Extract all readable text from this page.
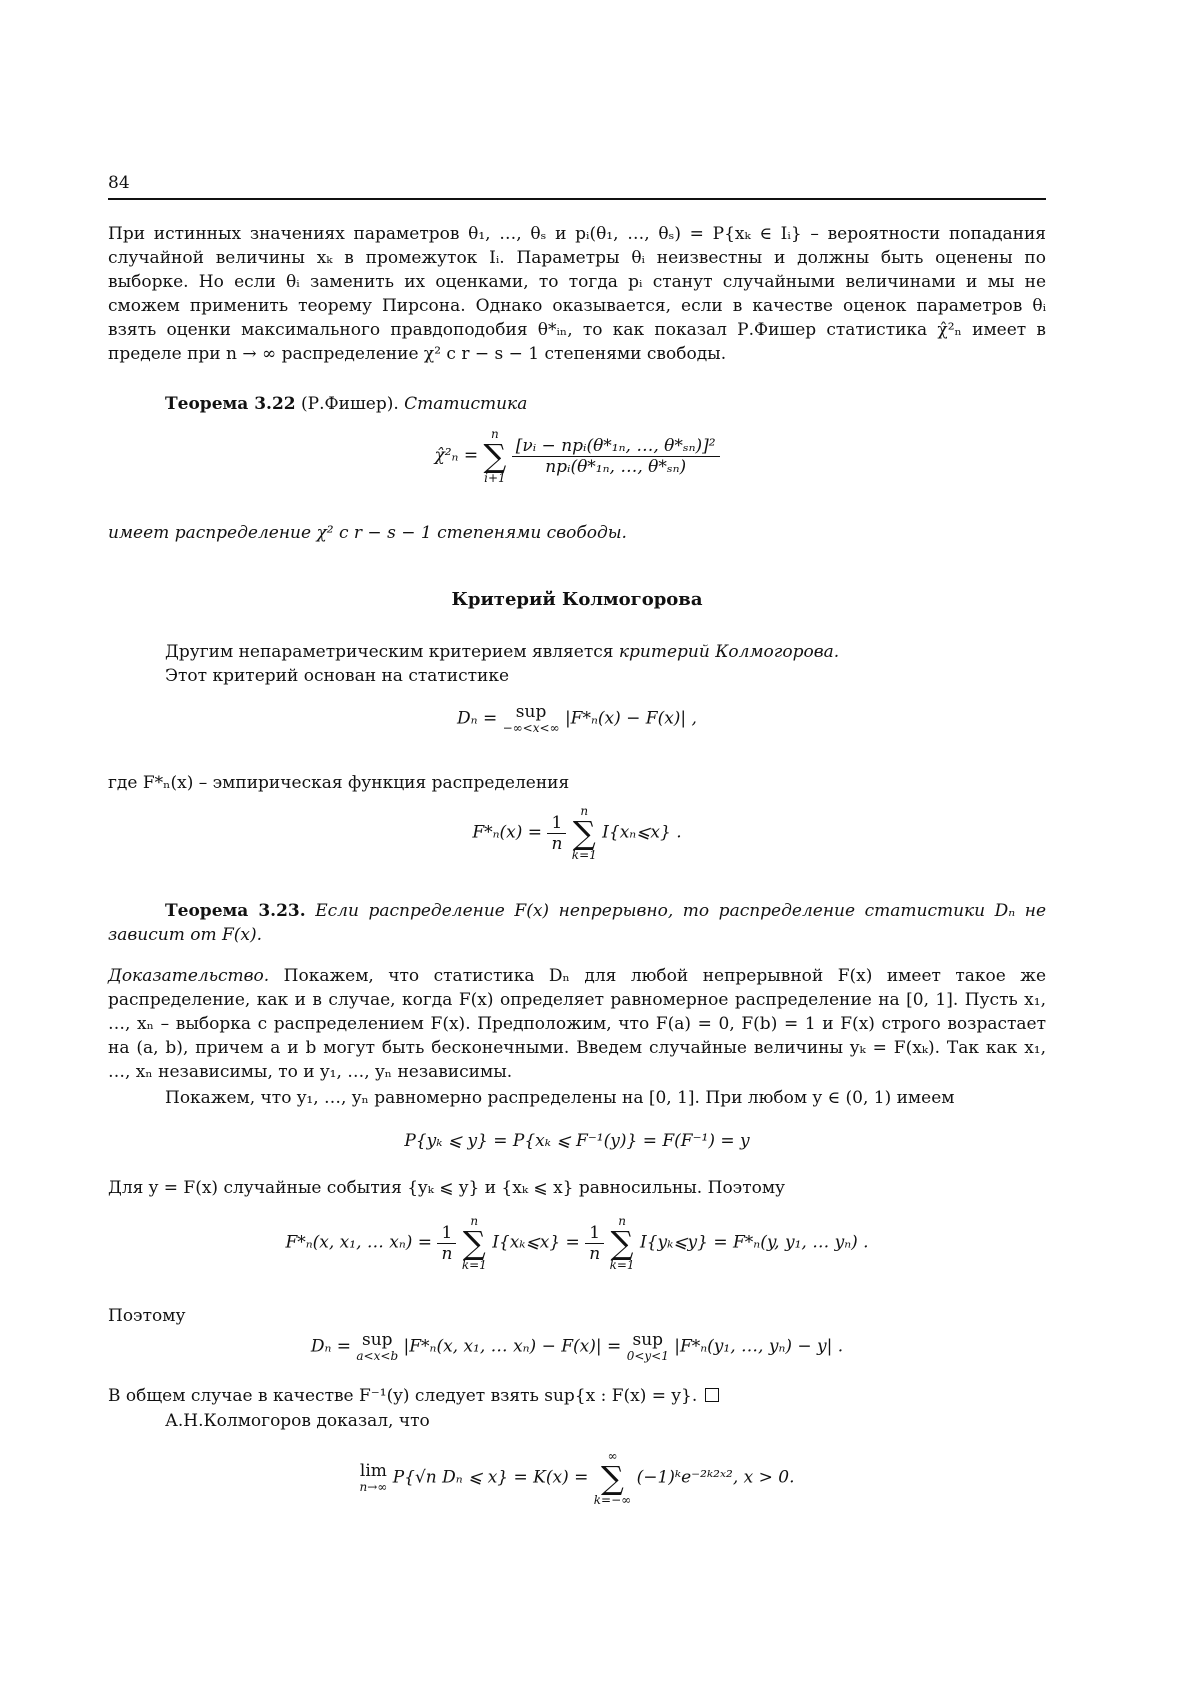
84
При истинных значениях параметров θ₁, …, θₛ и pᵢ(θ₁, …, θₛ) = P{xₖ ∈ Iᵢ} – вероятности попадания случайной величины xₖ в промежуток Iᵢ. Параметры θᵢ неизвестны и должны быть оценены по выборке. Но если θᵢ заменить их оценками, то тогда pᵢ станут случайными величинами и мы не сможем применить теорему Пирсона. Однако оказывается, если в качестве оценок параметров θᵢ взять оценки максимального правдоподобия θ*ᵢₙ, то как показал Р.Фишер статистика χ̂²ₙ имеет в пределе при n → ∞ распределение χ² с r − s − 1 степенями свободы.
Теорема 3.22 (Р.Фишер). Статистика
χ̂²ₙ =
n
∑
i+1

$\frac{\text{[νᵢ − npᵢ(θ*₁ₙ, …, θ*ₛₙ)]²}}{\text{npᵢ(θ*₁ₙ, …, θ*ₛₙ)}}$
имеет распределение χ² с r − s − 1 степенями свободы.
Критерий Колмогорова
Другим непараметрическим критерием является критерий Колмогорова.
Этот критерий основан на статистике
Dₙ = sup
−∞<x<∞ |F*ₙ(x) − F(x)| ,
где F*ₙ(x) – эмпирическая функция распределения
$F*_n(x) = \frac{1}{n}$

n
∑
k=1
I{xₙ⩽x} .
Теорема 3.23. Если распределение F(x) непрерывно, то распределение статистики Dₙ не зависит от F(x).
Доказательство. Покажем, что статистика Dₙ для любой непрерывной F(x) имеет такое же распределение, как и в случае, когда F(x) определяет равномерное распределение на [0, 1]. Пусть x₁, …, xₙ – выборка с распределением F(x). Предположим, что F(a) = 0, F(b) = 1 и F(x) строго возрастает на (a, b), причем a и b могут быть бесконечными. Введем случайные величины yₖ = F(xₖ). Так как x₁, …, xₙ независимы, то и y₁, …, yₙ независимы.
Покажем, что y₁, …, yₙ равномерно распределены на [0, 1]. При любом y ∈ (0, 1) имеем
P{yₖ ⩽ y} = P{xₖ ⩽ F⁻¹(y)} = F(F⁻¹) = y
Для y = F(x) случайные события {yₖ ⩽ y} и {xₖ ⩽ x} равносильны. Поэтому
F*ₙ(x, x₁, … $x_n) = \frac{1}{n}$

n
∑
k=1
I{xₖ⩽x} = $\frac{1}{n}$

n
∑
k=1
I{yₖ⩽y} = F*ₙ(y, y₁, … yₙ) .
Поэтому
Dₙ = sup
a<x<b |F*ₙ(x, x₁, … xₙ) − F(x)| = sup
0<y<1 |F*ₙ(y₁, …, yₙ) − y| .
В общем случае в качестве F⁻¹(y) следует взять sup{x : F(x) = y}.
А.Н.Колмогоров доказал, что
lim
n→∞ P{√n Dₙ ⩽ x} = K(x) =
∞
∑
k=−∞
(−1)ᵏe⁻²ᵏ²ˣ², x > 0.
